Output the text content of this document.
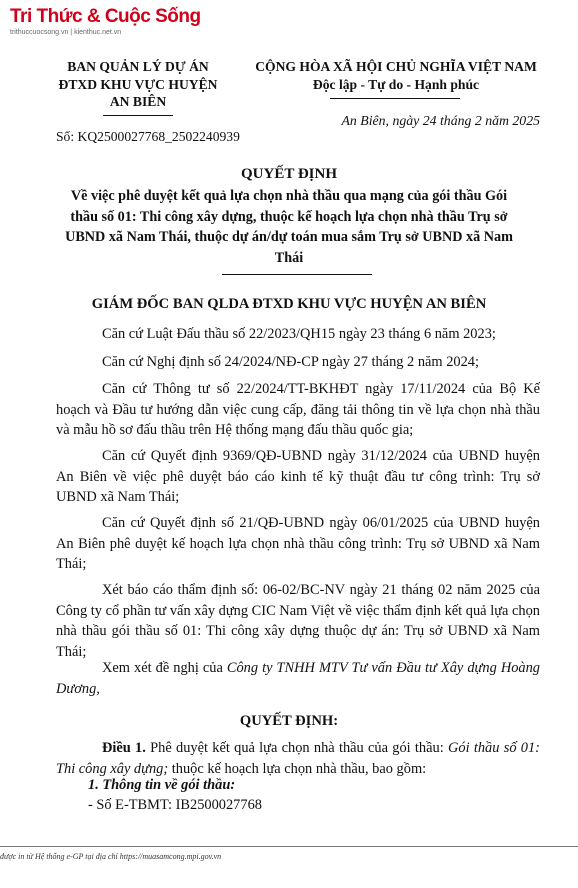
Tri Thức & Cuộc Sống
trithuccuocsong.vn | kienthuc.net.vn
BAN QUẢN LÝ DỰ ÁN
ĐTXD KHU VỰC HUYỆN
AN BIÊN
Số: KQ2500027768_2502240939
CỘNG HÒA XÃ HỘI CHỦ NGHĨA VIỆT NAM
Độc lập - Tự do - Hạnh phúc
An Biên, ngày 24 tháng 2 năm 2025
QUYẾT ĐỊNH
Về việc phê duyệt kết quả lựa chọn nhà thầu qua mạng của gói thầu Gói
thầu số 01: Thi công xây dựng, thuộc kế hoạch lựa chọn nhà thầu Trụ sở
UBND xã Nam Thái, thuộc dự án/dự toán mua sắm Trụ sở UBND xã Nam
Thái
GIÁM ĐỐC BAN QLDA ĐTXD KHU VỰC HUYỆN AN BIÊN
Căn cứ Luật Đấu thầu số 22/2023/QH15 ngày 23 tháng 6 năm 2023;
Căn cứ Nghị định số 24/2024/NĐ-CP ngày 27 tháng 2 năm 2024;
Căn cứ Thông tư số 22/2024/TT-BKHĐT ngày 17/11/2024 của Bộ Kế hoạch và Đầu tư hướng dẫn việc cung cấp, đăng tải thông tin về lựa chọn nhà thầu và mẫu hồ sơ đấu thầu trên Hệ thống mạng đấu thầu quốc gia;
Căn cứ Quyết định 9369/QĐ-UBND ngày 31/12/2024 của UBND huyện An Biên về việc phê duyệt báo cáo kinh tế kỹ thuật đầu tư công trình: Trụ sở UBND xã Nam Thái;
Căn cứ Quyết định số 21/QĐ-UBND ngày 06/01/2025 của UBND huyện An Biên phê duyệt kế hoạch lựa chọn nhà thầu công trình: Trụ sở UBND xã Nam Thái;
Xét báo cáo thẩm định số: 06-02/BC-NV ngày 21 tháng 02 năm 2025 của Công ty cổ phần tư vấn xây dựng CIC Nam Việt về việc thẩm định kết quả lựa chọn nhà thầu gói thầu số 01: Thi công xây dựng thuộc dự án: Trụ sở UBND xã Nam Thái;
Xem xét đề nghị của Công ty TNHH MTV Tư vấn Đầu tư Xây dựng Hoàng Dương,
QUYẾT ĐỊNH:
Điều 1. Phê duyệt kết quả lựa chọn nhà thầu của gói thầu: Gói thầu số 01: Thi công xây dựng; thuộc kế hoạch lựa chọn nhà thầu, bao gồm:
1. Thông tin về gói thầu:
- Số E-TBMT: IB2500027768
được in từ Hệ thống e-GP tại địa chỉ https://muasamcong.mpi.gov.vn
